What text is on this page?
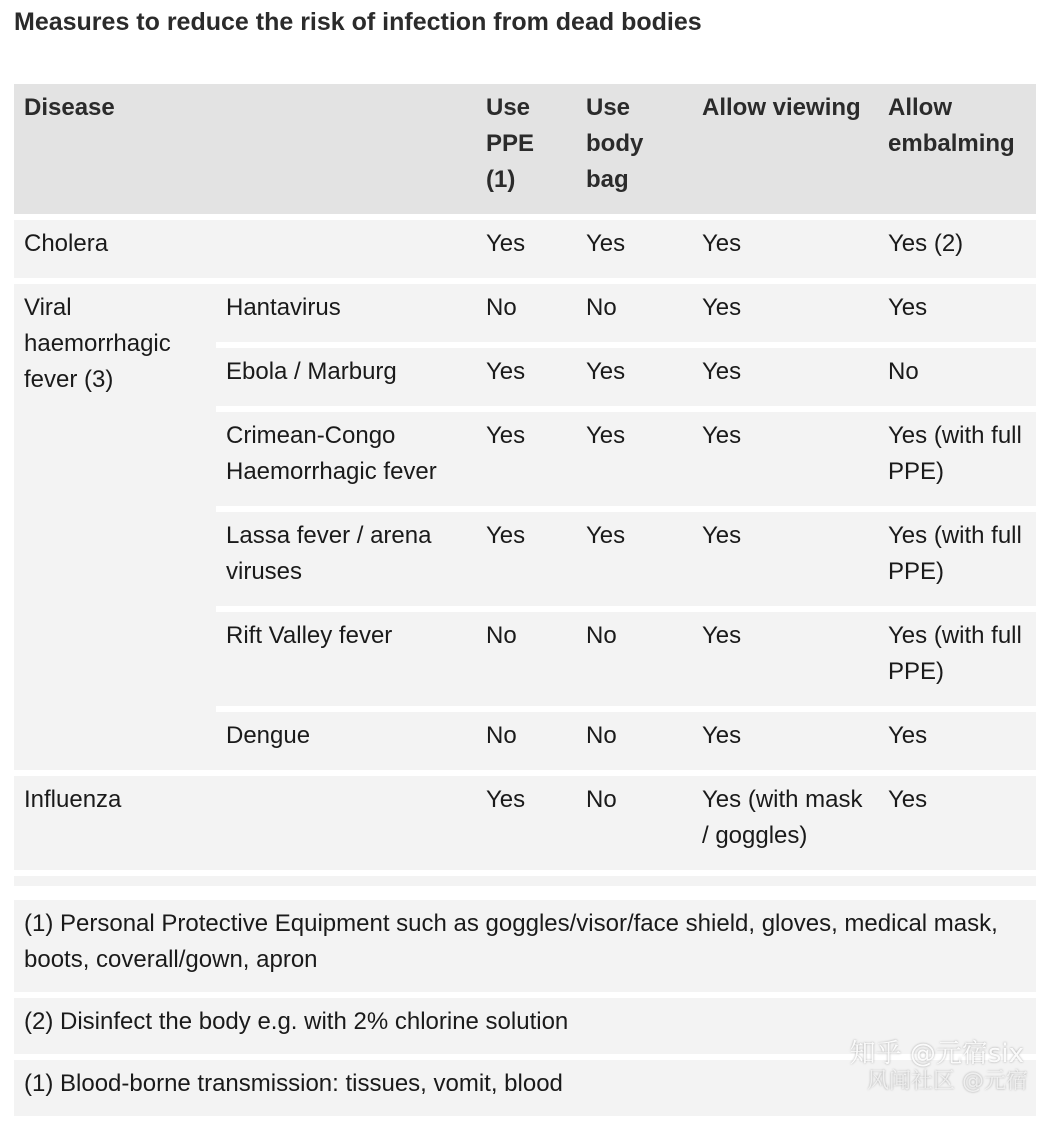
Measures to reduce the risk of infection from dead bodies
Disease		Use PPE (1)	Use body bag	Allow viewing	Allow embalming
Cholera		Yes	Yes	Yes	Yes (2)
Viral haemorrhagic fever (3)	Hantavirus	No	No	Yes	Yes
	Ebola / Marburg	Yes	Yes	Yes	No
	Crimean-Congo Haemorrhagic fever	Yes	Yes	Yes	Yes (with full PPE)
	Lassa fever / arena viruses	Yes	Yes	Yes	Yes (with full PPE)
	Rift Valley fever	No	No	Yes	Yes (with full PPE)
	Dengue	No	No	Yes	Yes
Influenza		Yes	No	Yes (with mask / goggles)	Yes

(1) Personal Protective Equipment such as goggles/visor/face shield, gloves, medical mask, boots, coverall/gown, apron
(2) Disinfect the body e.g. with 2% chlorine solution
(1) Blood-borne transmission: tissues, vomit, blood
知乎 @元宿six
风闻社区 @元宿
